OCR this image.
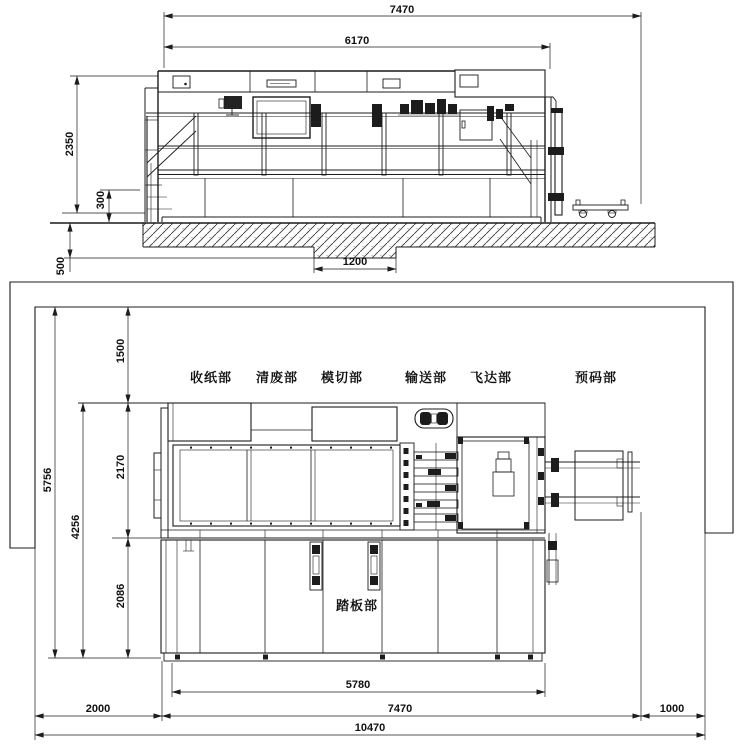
7470
6170
2350
300
500	1200
收纸部 清废部 模切部	输送部 飞达部	预码部
踏板部
1500
2170
2086
4256
5756
5780
7470	1000
2000
10470
